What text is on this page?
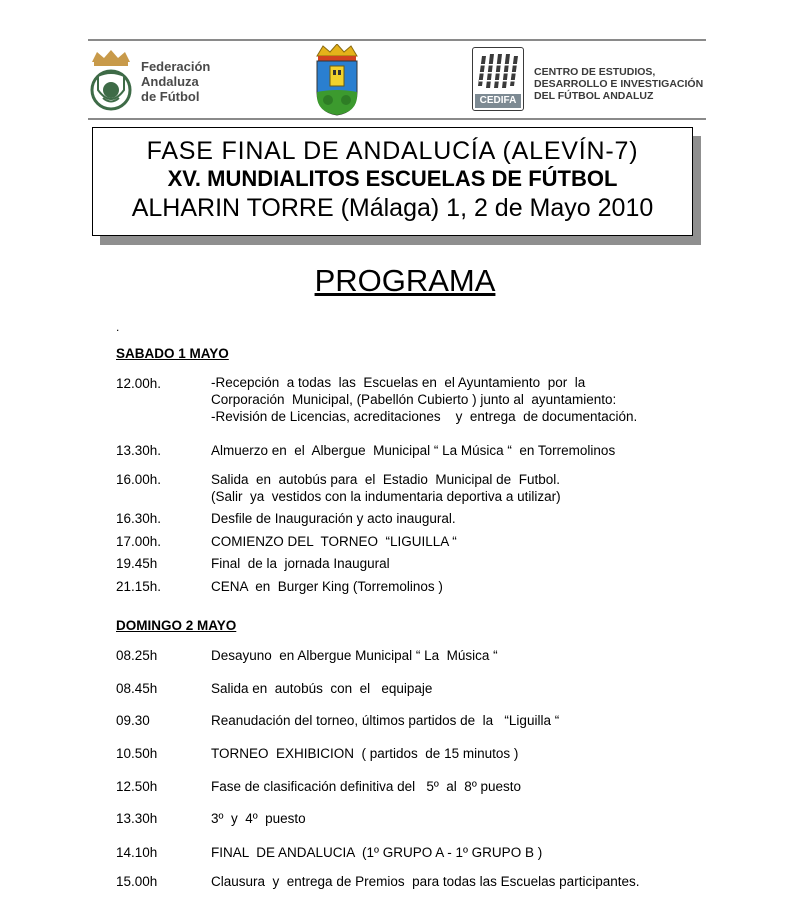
Federación
Andaluza
de Fútbol	CEDIFA
CENTRO DE ESTUDIOS,
DESARROLLO E INVESTIGACIÓN
DEL FÚTBOL ANDALUZ
FASE FINAL DE ANDALUCÍA (ALEVÍN-7)
XV. MUNDIALITOS ESCUELAS DE FÚTBOL
ALHARIN TORRE (Málaga) 1, 2 de Mayo 2010
PROGRAMA
.
SABADO 1 MAYO
12.00h.	-Recepción  a todas  las  Escuelas en  el Ayuntamiento  por  la
Corporación  Municipal, (Pabellón Cubierto ) junto al  ayuntamiento:
-Revisión de Licencias, acreditaciones    y  entrega  de documentación.
13.30h.	Almuerzo en  el  Albergue  Municipal “ La Música “  en Torremolinos
16.00h.	Salida  en  autobús para  el  Estadio  Municipal de  Futbol.
(Salir  ya  vestidos con la indumentaria deportiva a utilizar)
16.30h.	Desfile de Inauguración y acto inaugural.
17.00h.	COMIENZO DEL  TORNEO  “LIGUILLA “
19.45h	Final  de la  jornada Inaugural
21.15h.	CENA  en  Burger King (Torremolinos )
DOMINGO 2 MAYO
08.25h	Desayuno  en Albergue Municipal “ La  Música “
08.45h	Salida en  autobús  con  el   equipaje
09.30	Reanudación del torneo, últimos partidos de  la   “Liguilla “
10.50h	TORNEO  EXHIBICION  ( partidos  de 15 minutos )
12.50h	Fase de clasificación definitiva del   5º  al  8º puesto
13.30h	3º  y  4º  puesto
14.10h	FINAL  DE ANDALUCIA  (1º GRUPO A - 1º GRUPO B )
15.00h	Clausura  y  entrega de Premios  para todas las Escuelas participantes.
